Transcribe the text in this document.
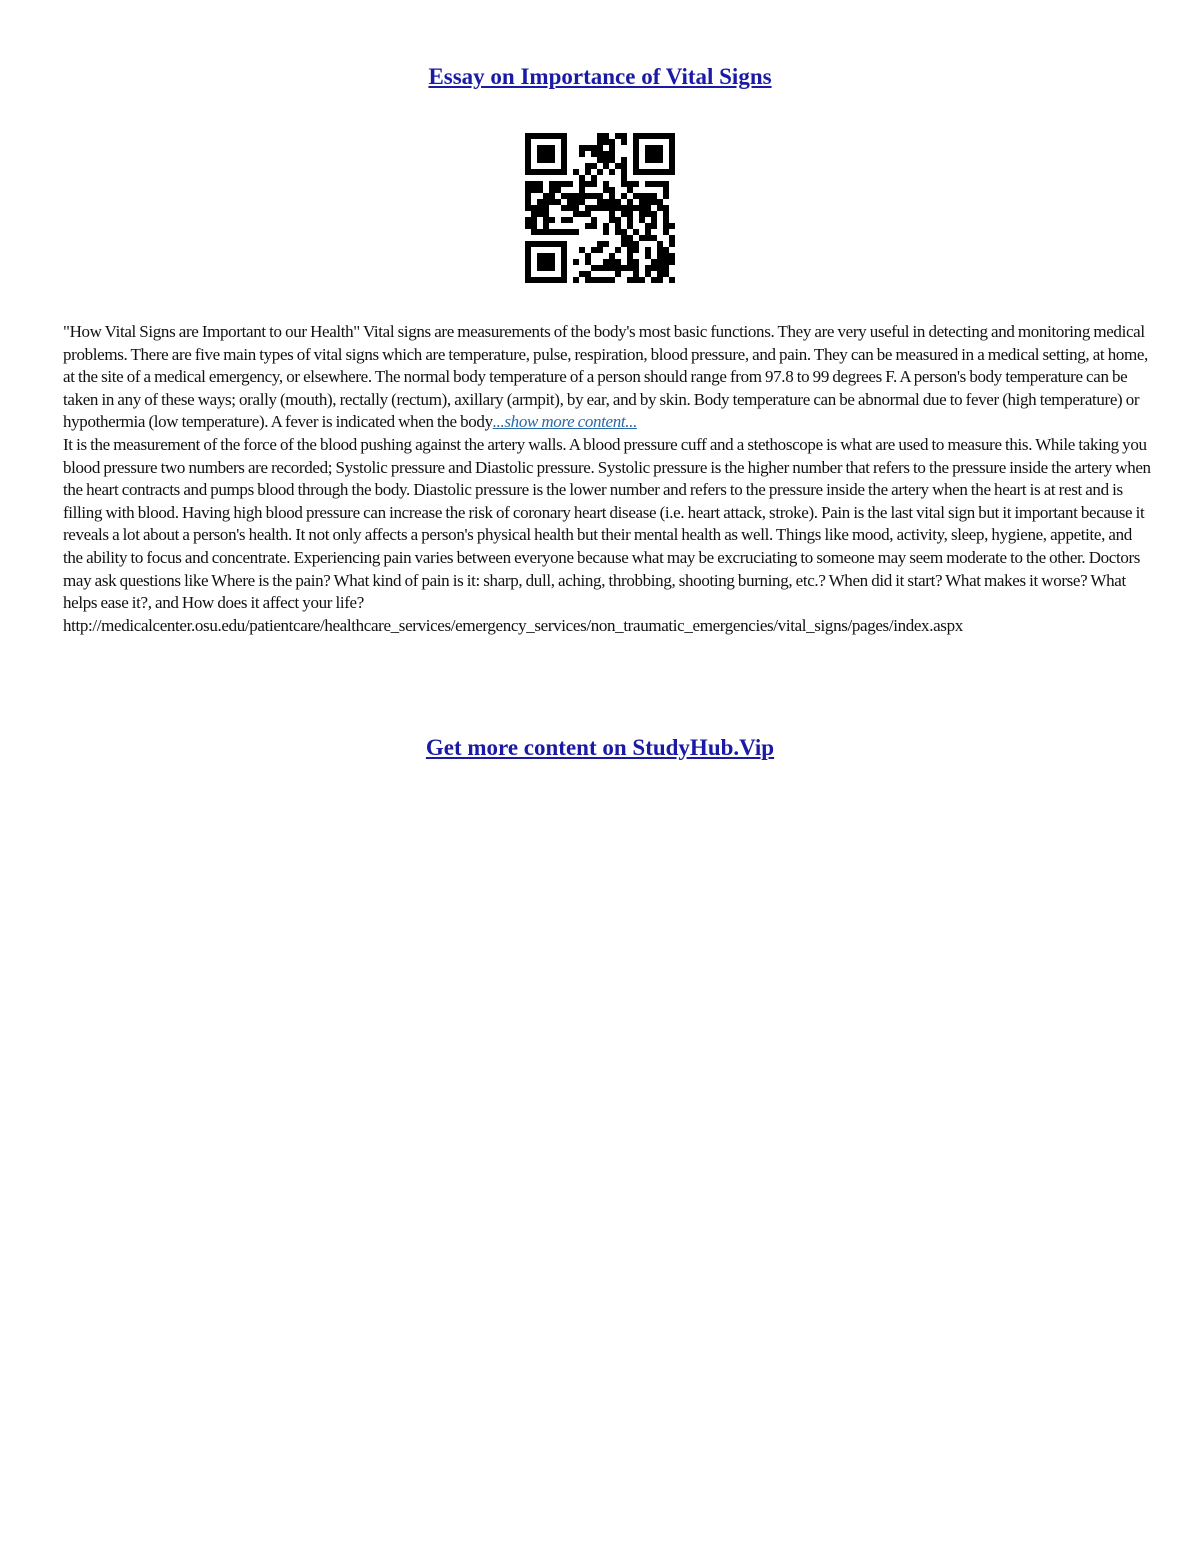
Essay on Importance of Vital Signs
"How Vital Signs are Important to our Health" Vital signs are measurements of the body's most basic functions. They are very useful in detecting and monitoring medical problems. There are five main types of vital signs which are temperature, pulse, respiration, blood pressure, and pain. They can be measured in a medical setting, at home, at the site of a medical emergency, or elsewhere. The normal body temperature of a person should range from 97.8 to 99 degrees F. A person's body temperature can be taken in any of these ways; orally (mouth), rectally (rectum), axillary (armpit), by ear, and by skin. Body temperature can be abnormal due to fever (high temperature) or hypothermia (low temperature). A fever is indicated when the body...show more content...
It is the measurement of the force of the blood pushing against the artery walls. A blood pressure cuff and a stethoscope is what are used to measure this. While taking you blood pressure two numbers are recorded; Systolic pressure and Diastolic pressure. Systolic pressure is the higher number that refers to the pressure inside the artery when the heart contracts and pumps blood through the body. Diastolic pressure is the lower number and refers to the pressure inside the artery when the heart is at rest and is filling with blood. Having high blood pressure can increase the risk of coronary heart disease (i.e. heart attack, stroke). Pain is the last vital sign but it important because it reveals a lot about a person's health. It not only affects a person's physical health but their mental health as well. Things like mood, activity, sleep, hygiene, appetite, and the ability to focus and concentrate. Experiencing pain varies between everyone because what may be excruciating to someone may seem moderate to the other. Doctors may ask questions like Where is the pain? What kind of pain is it: sharp, dull, aching, throbbing, shooting burning, etc.? When did it start? What makes it worse? What helps ease it?, and How does it affect your life?

http://medicalcenter.osu.edu/patientcare/healthcare_services/emergency_services/non_traumatic_emergencies/vital_signs/pages/index.aspx
Get more content on StudyHub.Vip
